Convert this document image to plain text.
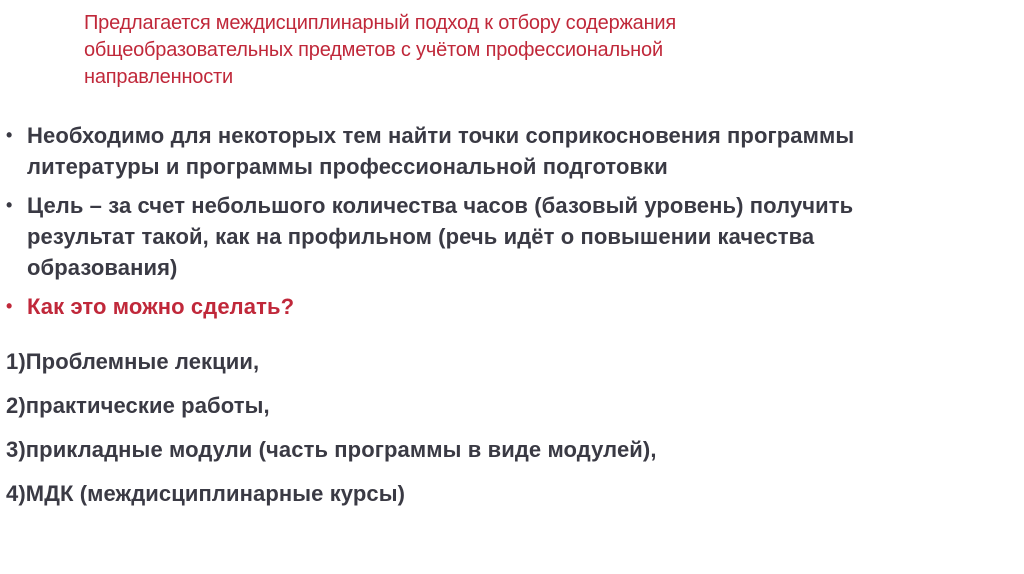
Предлагается междисциплинарный подход к отбору содержания
общеобразовательных предметов с учётом профессиональной
направленности
• Необходимо для некоторых тем найти точки соприкосновения программы
литературы и программы профессиональной подготовки
• Цель – за счет небольшого количества часов (базовый уровень) получить
результат такой, как на профильном (речь идёт о повышении качества
образования)
• Как это можно сделать?
1)Проблемные лекции,
2)практические работы,
3)прикладные модули (часть программы в виде модулей),
4)МДК (междисциплинарные курсы)
